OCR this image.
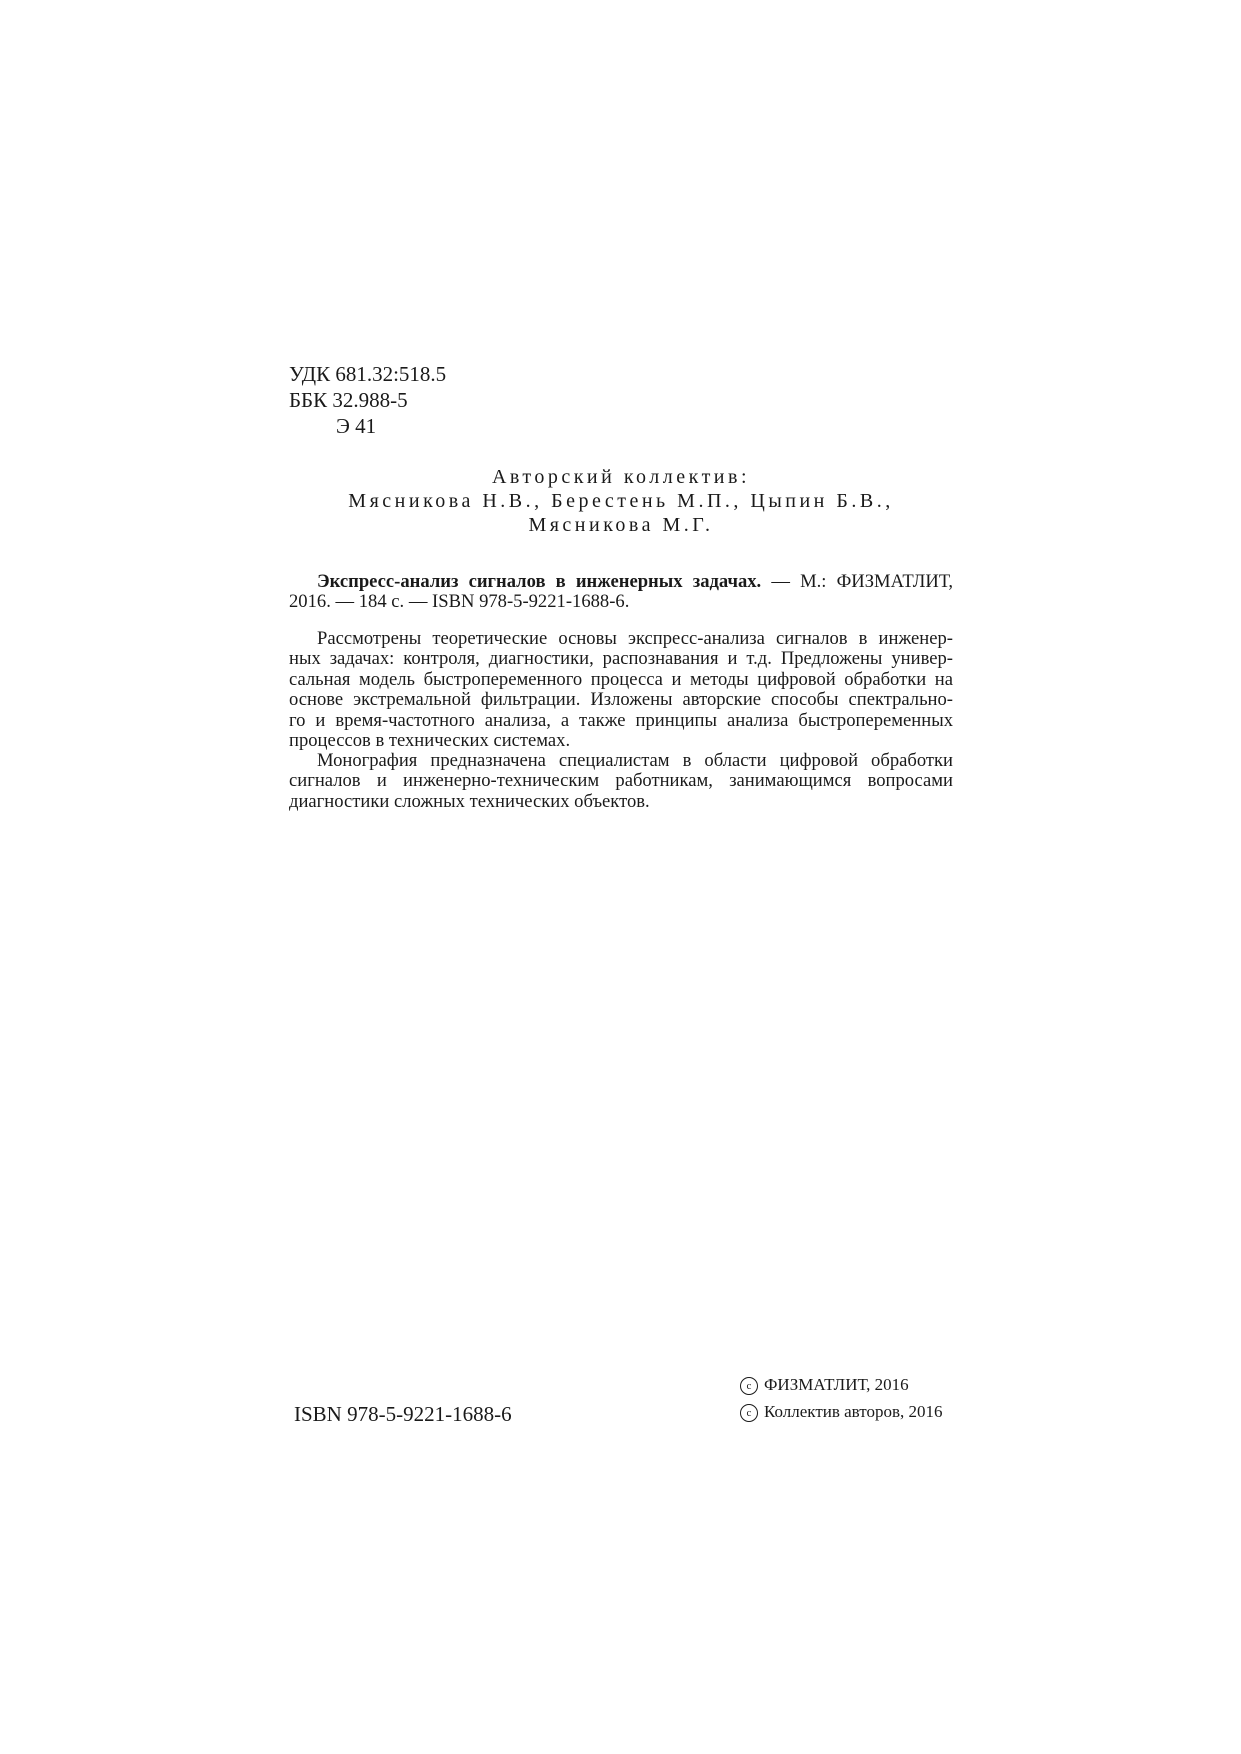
УДК 681.32:518.5
ББК 32.988-5
Э 41
Авторский коллектив:
Мясникова Н.В., Берестень М.П., Цыпин Б.В.,
Мясникова М.Г.
Экспресс-анализ сигналов в инженерных задачах. — М.: ФИЗМАТЛИТ,
2016. — 184 с. — ISBN 978-5-9221-1688-6.
Рассмотрены теоретические основы экспресс-анализа сигналов в инженер-
ных задачах: контроля, диагностики, распознавания и т.д. Предложены универ-
сальная модель быстропеременного процесса и методы цифровой обработки на
основе экстремальной фильтрации. Изложены авторские способы спектрально-
го и время-частотного анализа, а также принципы анализа быстропеременных
процессов в технических системах.
Монография предназначена специалистам в области цифровой обработки
сигналов и инженерно-техническим работникам, занимающимся вопросами
диагностики сложных технических объектов.
ISBN 978-5-9221-1688-6
c ФИЗМАТЛИТ, 2016
c Коллектив авторов, 2016
